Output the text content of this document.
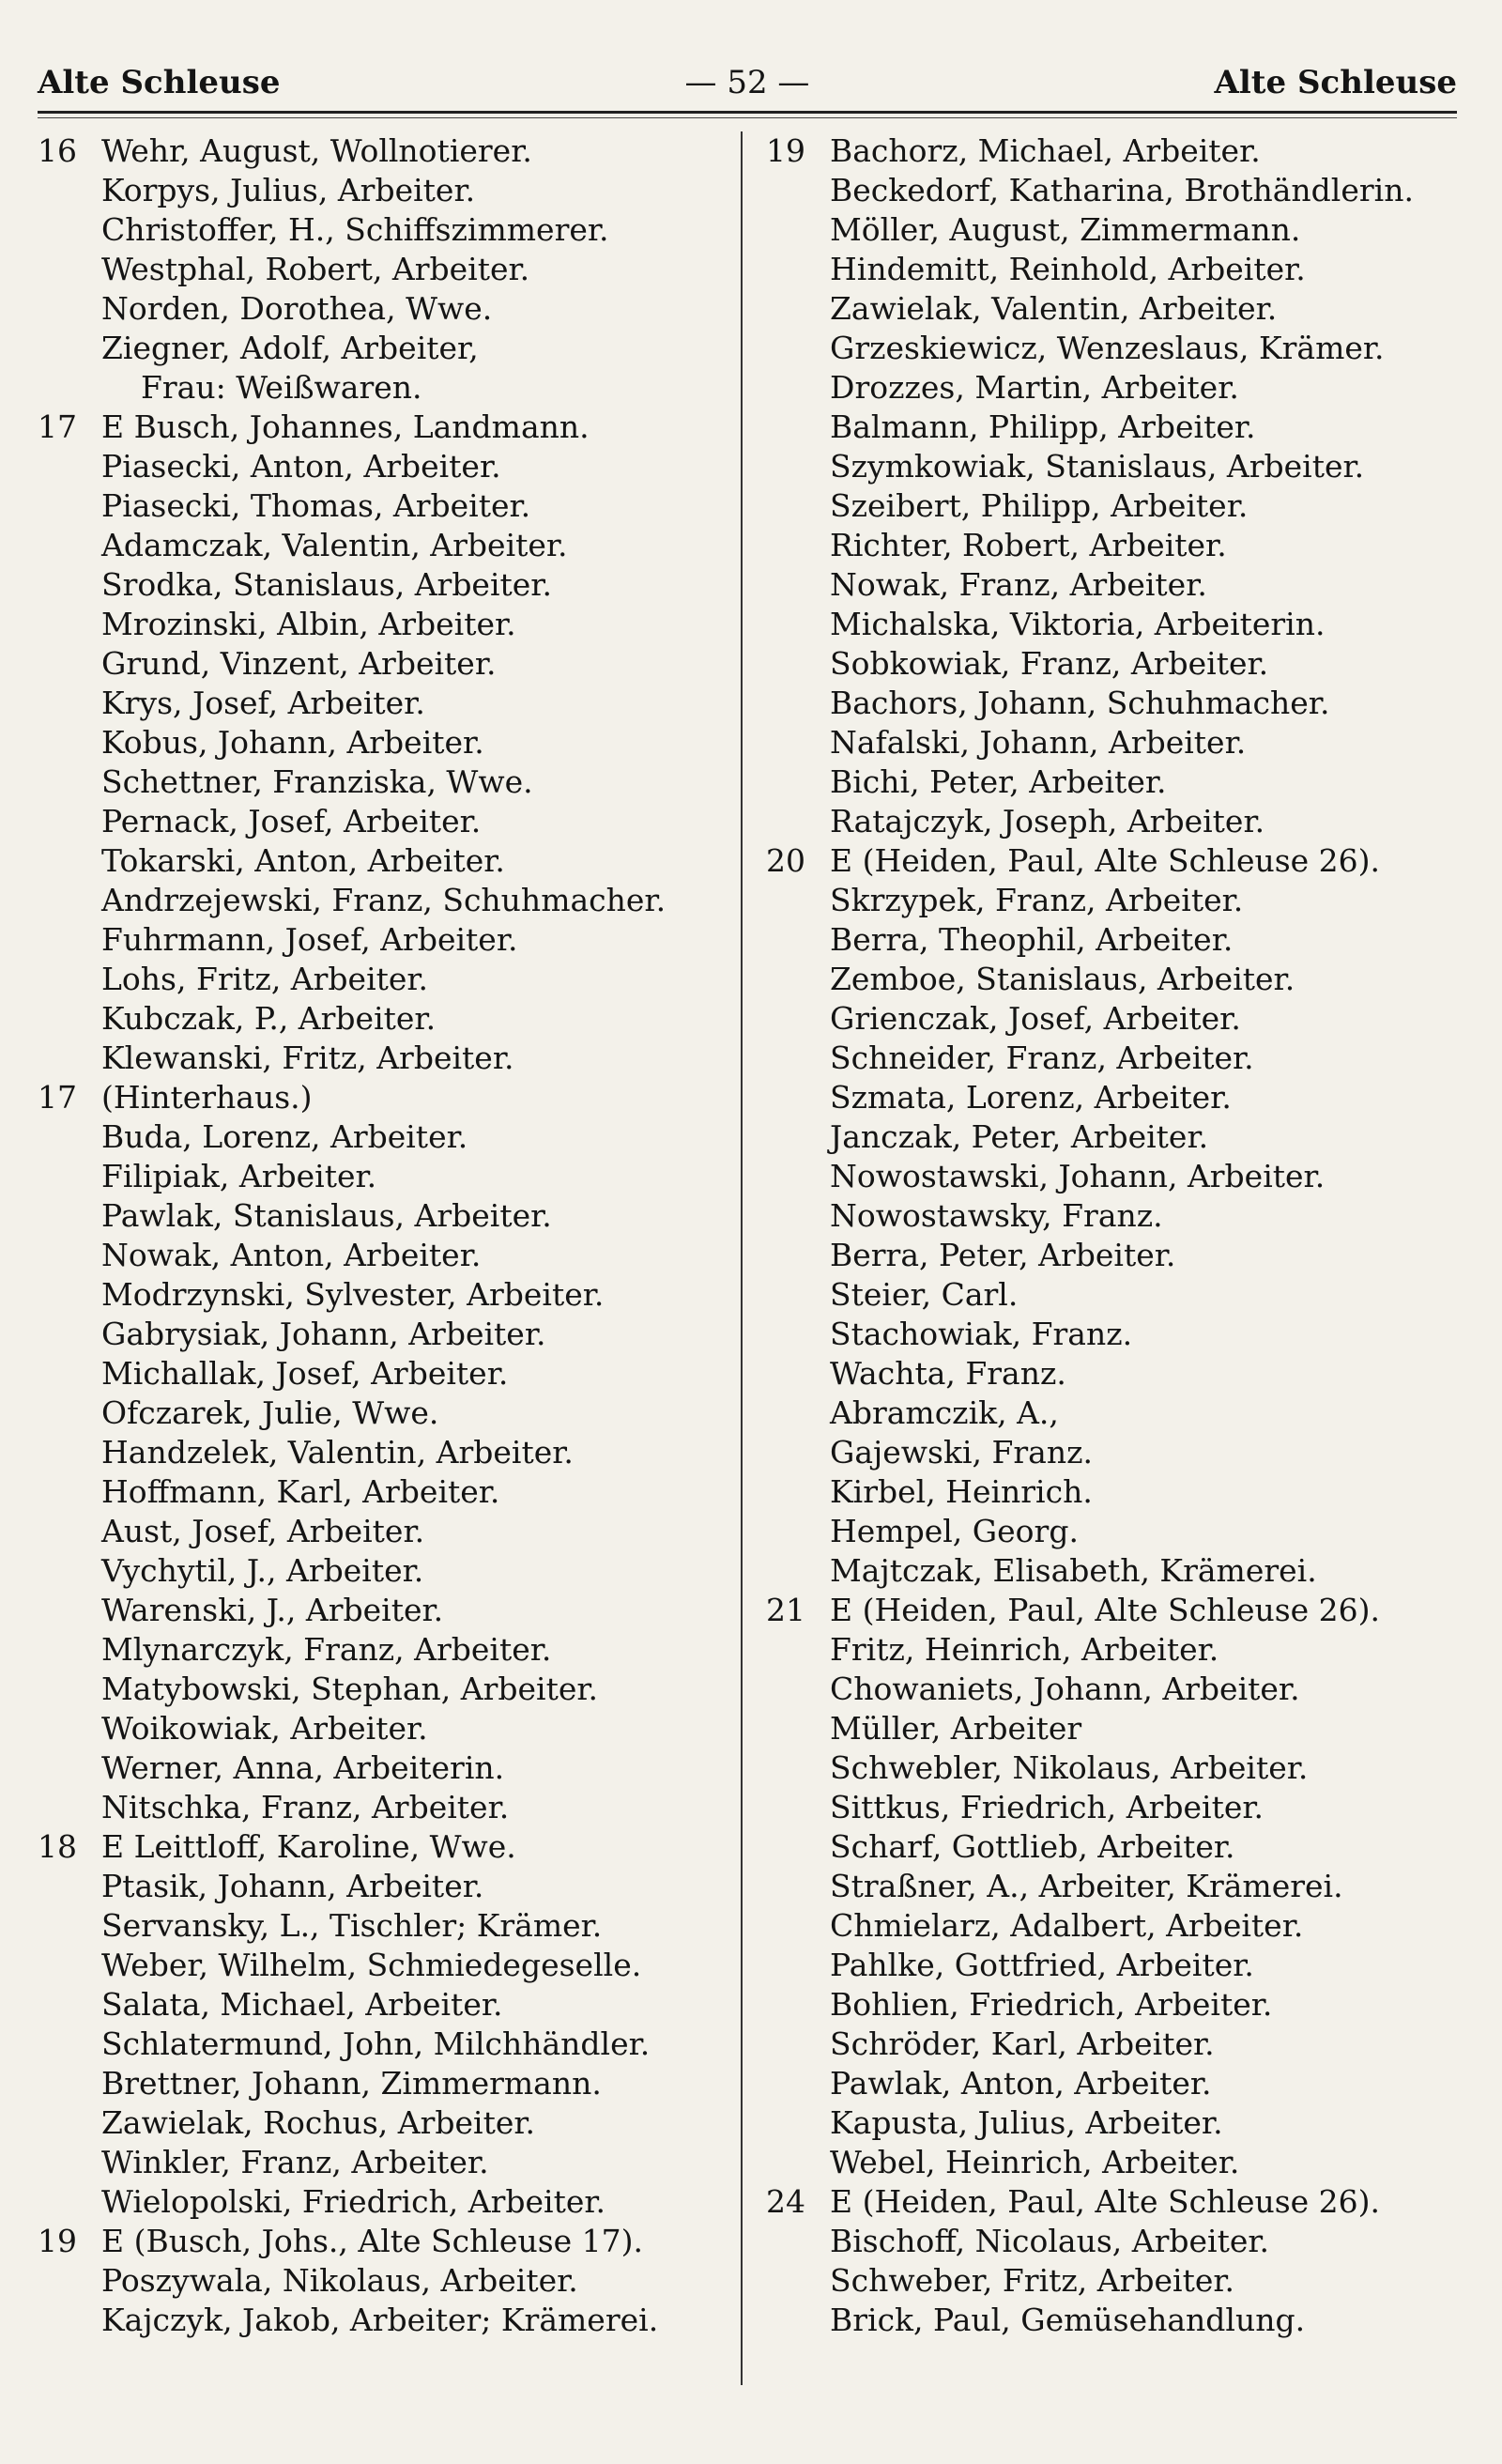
Alte Schleuse	— 52 —	Alte Schleuse
16 Wehr, August, Wollnotierer.
Korpys, Julius, Arbeiter.
Christoffer, H., Schiffszimmerer.
Westphal, Robert, Arbeiter.
Norden, Dorothea, Wwe.
Ziegner, Adolf, Arbeiter,
Frau: Weißwaren.
17 E Busch, Johannes, Landmann.
Piasecki, Anton, Arbeiter.
Piasecki, Thomas, Arbeiter.
Adamczak, Valentin, Arbeiter.
Srodka, Stanislaus, Arbeiter.
Mrozinski, Albin, Arbeiter.
Grund, Vinzent, Arbeiter.
Krys, Josef, Arbeiter.
Kobus, Johann, Arbeiter.
Schettner, Franziska, Wwe.
Pernack, Josef, Arbeiter.
Tokarski, Anton, Arbeiter.
Andrzejewski, Franz, Schuhmacher.
Fuhrmann, Josef, Arbeiter.
Lohs, Fritz, Arbeiter.
Kubczak, P., Arbeiter.
Klewanski, Fritz, Arbeiter.
17 (Hinterhaus.)
Buda, Lorenz, Arbeiter.
Filipiak, Arbeiter.
Pawlak, Stanislaus, Arbeiter.
Nowak, Anton, Arbeiter.
Modrzynski, Sylvester, Arbeiter.
Gabrysiak, Johann, Arbeiter.
Michallak, Josef, Arbeiter.
Ofczarek, Julie, Wwe.
Handzelek, Valentin, Arbeiter.
Hoffmann, Karl, Arbeiter.
Aust, Josef, Arbeiter.
Vychytil, J., Arbeiter.
Warenski, J., Arbeiter.
Mlynarczyk, Franz, Arbeiter.
Matybowski, Stephan, Arbeiter.
Woikowiak, Arbeiter.
Werner, Anna, Arbeiterin.
Nitschka, Franz, Arbeiter.
18 E Leittloff, Karoline, Wwe.
Ptasik, Johann, Arbeiter.
Servansky, L., Tischler; Krämer.
Weber, Wilhelm, Schmiedegeselle.
Salata, Michael, Arbeiter.
Schlatermund, John, Milchhändler.
Brettner, Johann, Zimmermann.
Zawielak, Rochus, Arbeiter.
Winkler, Franz, Arbeiter.
Wielopolski, Friedrich, Arbeiter.
19 E (Busch, Johs., Alte Schleuse 17).
Poszywala, Nikolaus, Arbeiter.
Kajczyk, Jakob, Arbeiter; Krämerei.
19 Bachorz, Michael, Arbeiter.
Beckedorf, Katharina, Brothändlerin.
Möller, August, Zimmermann.
Hindemitt, Reinhold, Arbeiter.
Zawielak, Valentin, Arbeiter.
Grzeskiewicz, Wenzeslaus, Krämer.
Drozzes, Martin, Arbeiter.
Balmann, Philipp, Arbeiter.
Szymkowiak, Stanislaus, Arbeiter.
Szeibert, Philipp, Arbeiter.
Richter, Robert, Arbeiter.
Nowak, Franz, Arbeiter.
Michalska, Viktoria, Arbeiterin.
Sobkowiak, Franz, Arbeiter.
Bachors, Johann, Schuhmacher.
Nafalski, Johann, Arbeiter.
Bichi, Peter, Arbeiter.
Ratajczyk, Joseph, Arbeiter.
20 E (Heiden, Paul, Alte Schleuse 26).
Skrzypek, Franz, Arbeiter.
Berra, Theophil, Arbeiter.
Zemboe, Stanislaus, Arbeiter.
Grienczak, Josef, Arbeiter.
Schneider, Franz, Arbeiter.
Szmata, Lorenz, Arbeiter.
Janczak, Peter, Arbeiter.
Nowostawski, Johann, Arbeiter.
Nowostawsky, Franz.
Berra, Peter, Arbeiter.
Steier, Carl.
Stachowiak, Franz.
Wachta, Franz.
Abramczik, A.,
Gajewski, Franz.
Kirbel, Heinrich.
Hempel, Georg.
Majtczak, Elisabeth, Krämerei.
21 E (Heiden, Paul, Alte Schleuse 26).
Fritz, Heinrich, Arbeiter.
Chowaniets, Johann, Arbeiter.
Müller, Arbeiter
Schwebler, Nikolaus, Arbeiter.
Sittkus, Friedrich, Arbeiter.
Scharf, Gottlieb, Arbeiter.
Straßner, A., Arbeiter, Krämerei.
Chmielarz, Adalbert, Arbeiter.
Pahlke, Gottfried, Arbeiter.
Bohlien, Friedrich, Arbeiter.
Schröder, Karl, Arbeiter.
Pawlak, Anton, Arbeiter.
Kapusta, Julius, Arbeiter.
Webel, Heinrich, Arbeiter.
24 E (Heiden, Paul, Alte Schleuse 26).
Bischoff, Nicolaus, Arbeiter.
Schweber, Fritz, Arbeiter.
Brick, Paul, Gemüsehandlung.
